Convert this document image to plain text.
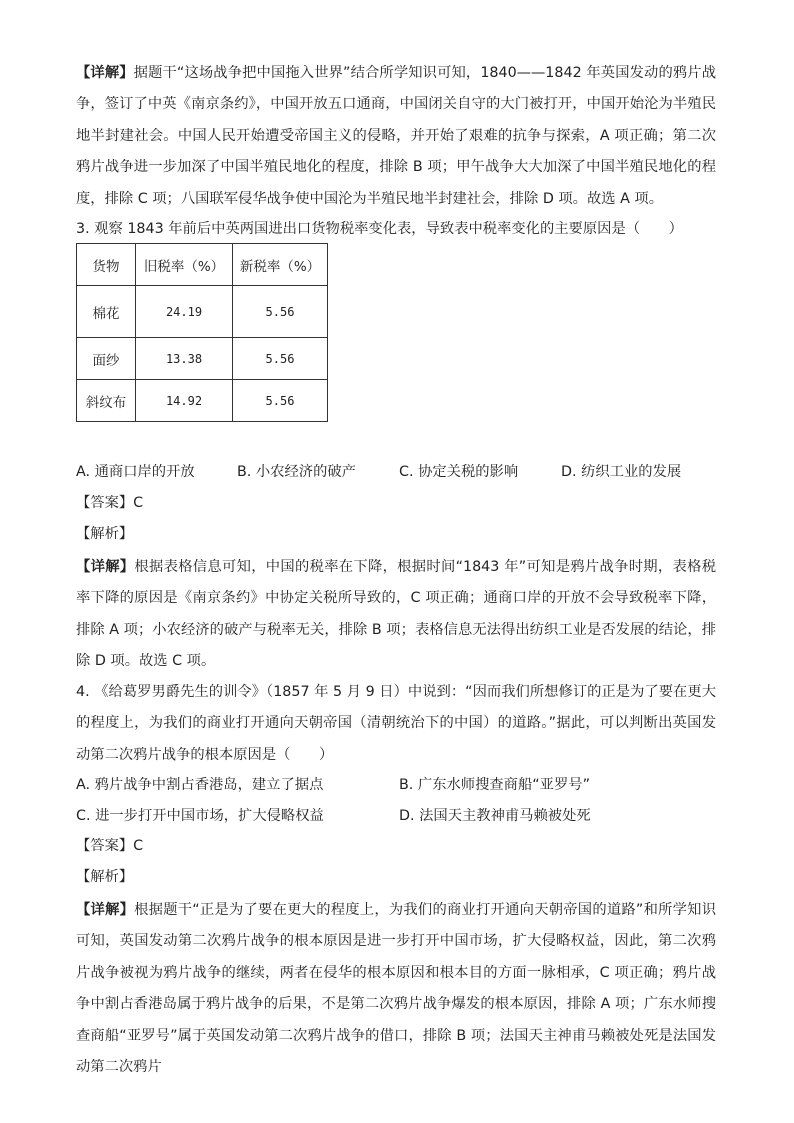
【详解】据题干“这场战争把中国拖入世界”结合所学知识可知，1840——1842 年英国发动的鸦片战争，签订了中英《南京条约》，中国开放五口通商，中国闭关自守的大门被打开，中国开始沦为半殖民地半封建社会。中国人民开始遭受帝国主义的侵略，并开始了艰难的抗争与探索，A 项正确；第二次鸦片战争进一步加深了中国半殖民地化的程度，排除 B 项；甲午战争大大加深了中国半殖民地化的程度，排除 C 项；八国联军侵华战争使中国沦为半殖民地半封建社会，排除 D 项。故选 A 项。

3. 观察 1843 年前后中英两国进出口货物税率变化表，导致表中税率变化的主要原因是（　　）

货物	旧税率（%）	新税率（%）
棉花	24.19	5.56
面纱	13.38	5.56
斜纹布	14.92	5.56
A. 通商口岸的开放	B. 小农经济的破产	C. 协定关税的影响	D. 纺织工业的发展

【答案】C

【解析】

【详解】根据表格信息可知，中国的税率在下降，根据时间“1843 年”可知是鸦片战争时期，表格税率下降的原因是《南京条约》中协定关税所导致的，C 项正确；通商口岸的开放不会导致税率下降，排除 A 项；小农经济的破产与税率无关，排除 B 项；表格信息无法得出纺织工业是否发展的结论，排除 D 项。故选 C 项。

4. 《给葛罗男爵先生的训令》（1857 年 5 月 9 日）中说到：“因而我们所想修订的正是为了要在更大的程度上，为我们的商业打开通向天朝帝国（清朝统治下的中国）的道路。”据此，可以判断出英国发动第二次鸦片战争的根本原因是（　　）

A. 鸦片战争中割占香港岛，建立了据点	B. 广东水师搜查商船“亚罗号”
C. 进一步打开中国市场，扩大侵略权益	D. 法国天主教神甫马赖被处死

【答案】C

【解析】

【详解】根据题干“正是为了要在更大的程度上，为我们的商业打开通向天朝帝国的道路”和所学知识可知，英国发动第二次鸦片战争的根本原因是进一步打开中国市场，扩大侵略权益，因此，第二次鸦片战争被视为鸦片战争的继续，两者在侵华的根本原因和根本目的方面一脉相承，C 项正确；鸦片战争中割占香港岛属于鸦片战争的后果，不是第二次鸦片战争爆发的根本原因，排除 A 项；广东水师搜查商船“亚罗号”属于英国发动第二次鸦片战争的借口，排除 B 项；法国天主神甫马赖被处死是法国发动第二次鸦片
